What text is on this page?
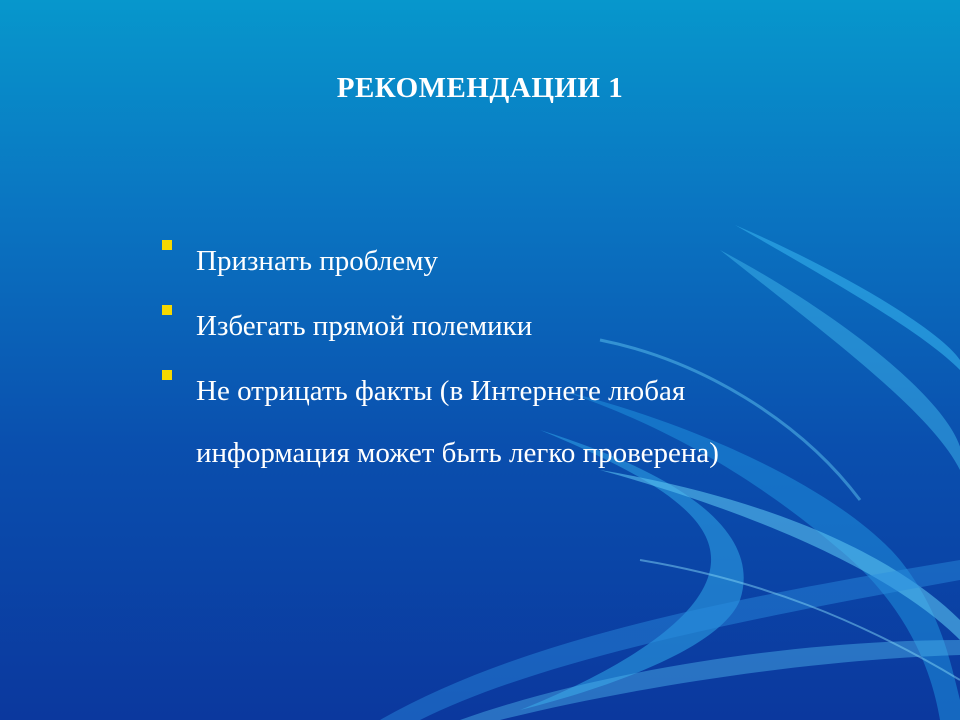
РЕКОМЕНДАЦИИ 1
Признать проблему
Избегать прямой полемики
Не отрицать факты (в Интернете любая информация может быть легко проверена)
